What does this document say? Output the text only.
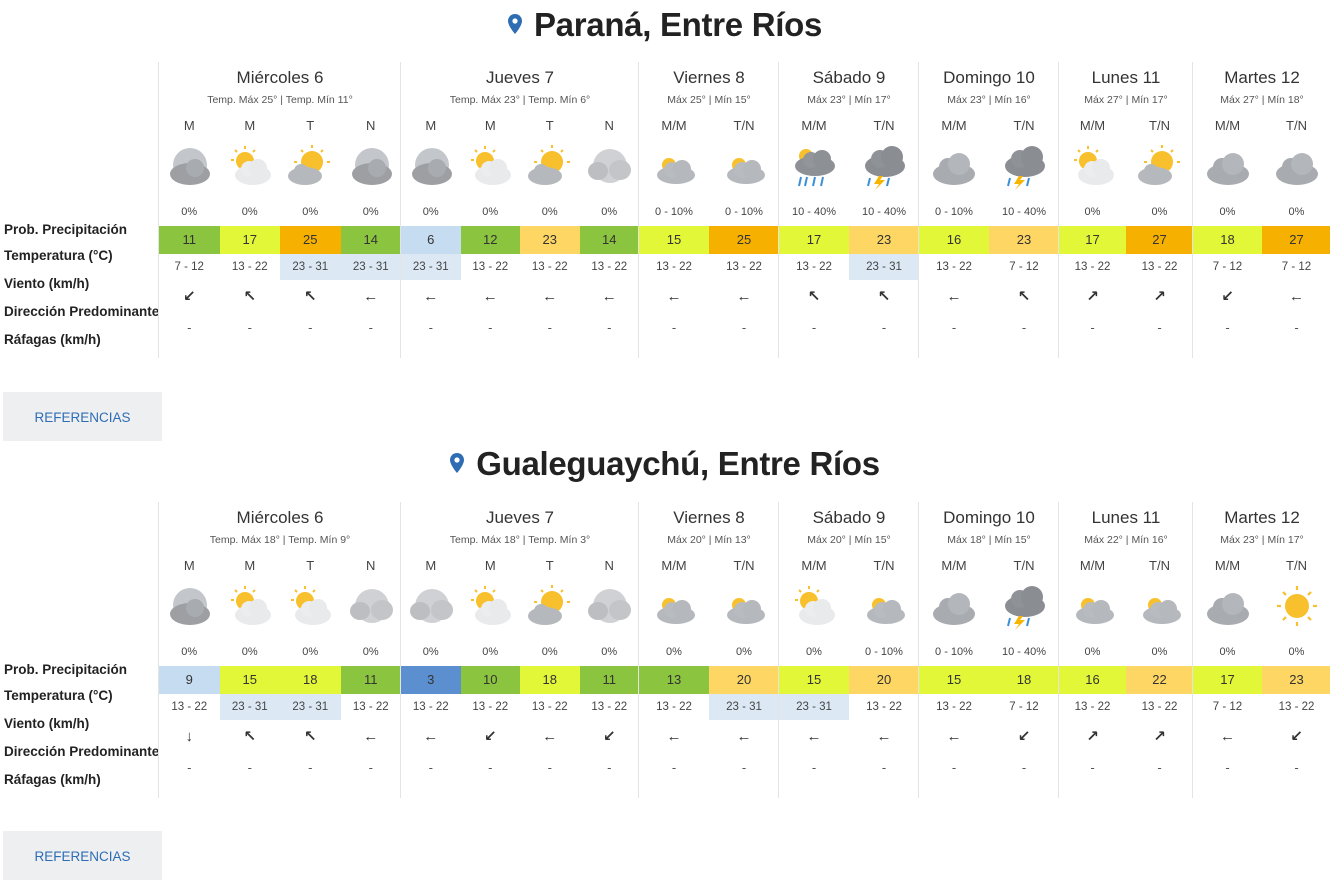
Paraná, Entre Ríos
Prob. Precipitación
Temperatura (°C)
Viento (km/h)
Dirección Predominante
Ráfagas (km/h)
Miércoles 6
Temp. Máx 25° | Temp. Mín 11°
M
0%
11
7 - 12
↙
-
M
0%
17
13 - 22
↖
-
T
0%
25
23 - 31
↖
-
N
0%
14
23 - 31
←
-
Jueves 7
Temp. Máx 23° | Temp. Mín 6°
M
0%
6
23 - 31
←
-
M
0%
12
13 - 22
←
-
T
0%
23
13 - 22
←
-
N
0%
14
13 - 22
←
-
Viernes 8
Máx 25° | Mín 15°
M/M
0 - 10%
15
13 - 22
←
-
T/N
0 - 10%
25
13 - 22
←
-
Sábado 9
Máx 23° | Mín 17°
M/M
10 - 40%
17
13 - 22
↖
-
T/N
10 - 40%
23
23 - 31
↖
-
Domingo 10
Máx 23° | Mín 16°
M/M
0 - 10%
16
13 - 22
←
-
T/N
10 - 40%
23
7 - 12
↖
-
Lunes 11
Máx 27° | Mín 17°
M/M
0%
17
13 - 22
↗
-
T/N
0%
27
13 - 22
↗
-
Martes 12
Máx 27° | Mín 18°
M/M
0%
18
7 - 12
↙
-
T/N
0%
27
7 - 12
←
-
REFERENCIAS
Gualeguaychú, Entre Ríos
Prob. Precipitación
Temperatura (°C)
Viento (km/h)
Dirección Predominante
Ráfagas (km/h)
Miércoles 6
Temp. Máx 18° | Temp. Mín 9°
M
0%
9
13 - 22
↓
-
M
0%
15
23 - 31
↖
-
T
0%
18
23 - 31
↖
-
N
0%
11
13 - 22
←
-
Jueves 7
Temp. Máx 18° | Temp. Mín 3°
M
0%
3
13 - 22
←
-
M
0%
10
13 - 22
↙
-
T
0%
18
13 - 22
←
-
N
0%
11
13 - 22
↙
-
Viernes 8
Máx 20° | Mín 13°
M/M
0%
13
13 - 22
←
-
T/N
0%
20
23 - 31
←
-
Sábado 9
Máx 20° | Mín 15°
M/M
0%
15
23 - 31
←
-
T/N
0 - 10%
20
13 - 22
←
-
Domingo 10
Máx 18° | Mín 15°
M/M
0 - 10%
15
13 - 22
←
-
T/N
10 - 40%
18
7 - 12
↙
-
Lunes 11
Máx 22° | Mín 16°
M/M
0%
16
13 - 22
↗
-
T/N
0%
22
13 - 22
↗
-
Martes 12
Máx 23° | Mín 17°
M/M
0%
17
7 - 12
←
-
T/N
0%
23
13 - 22
↙
-
REFERENCIAS
